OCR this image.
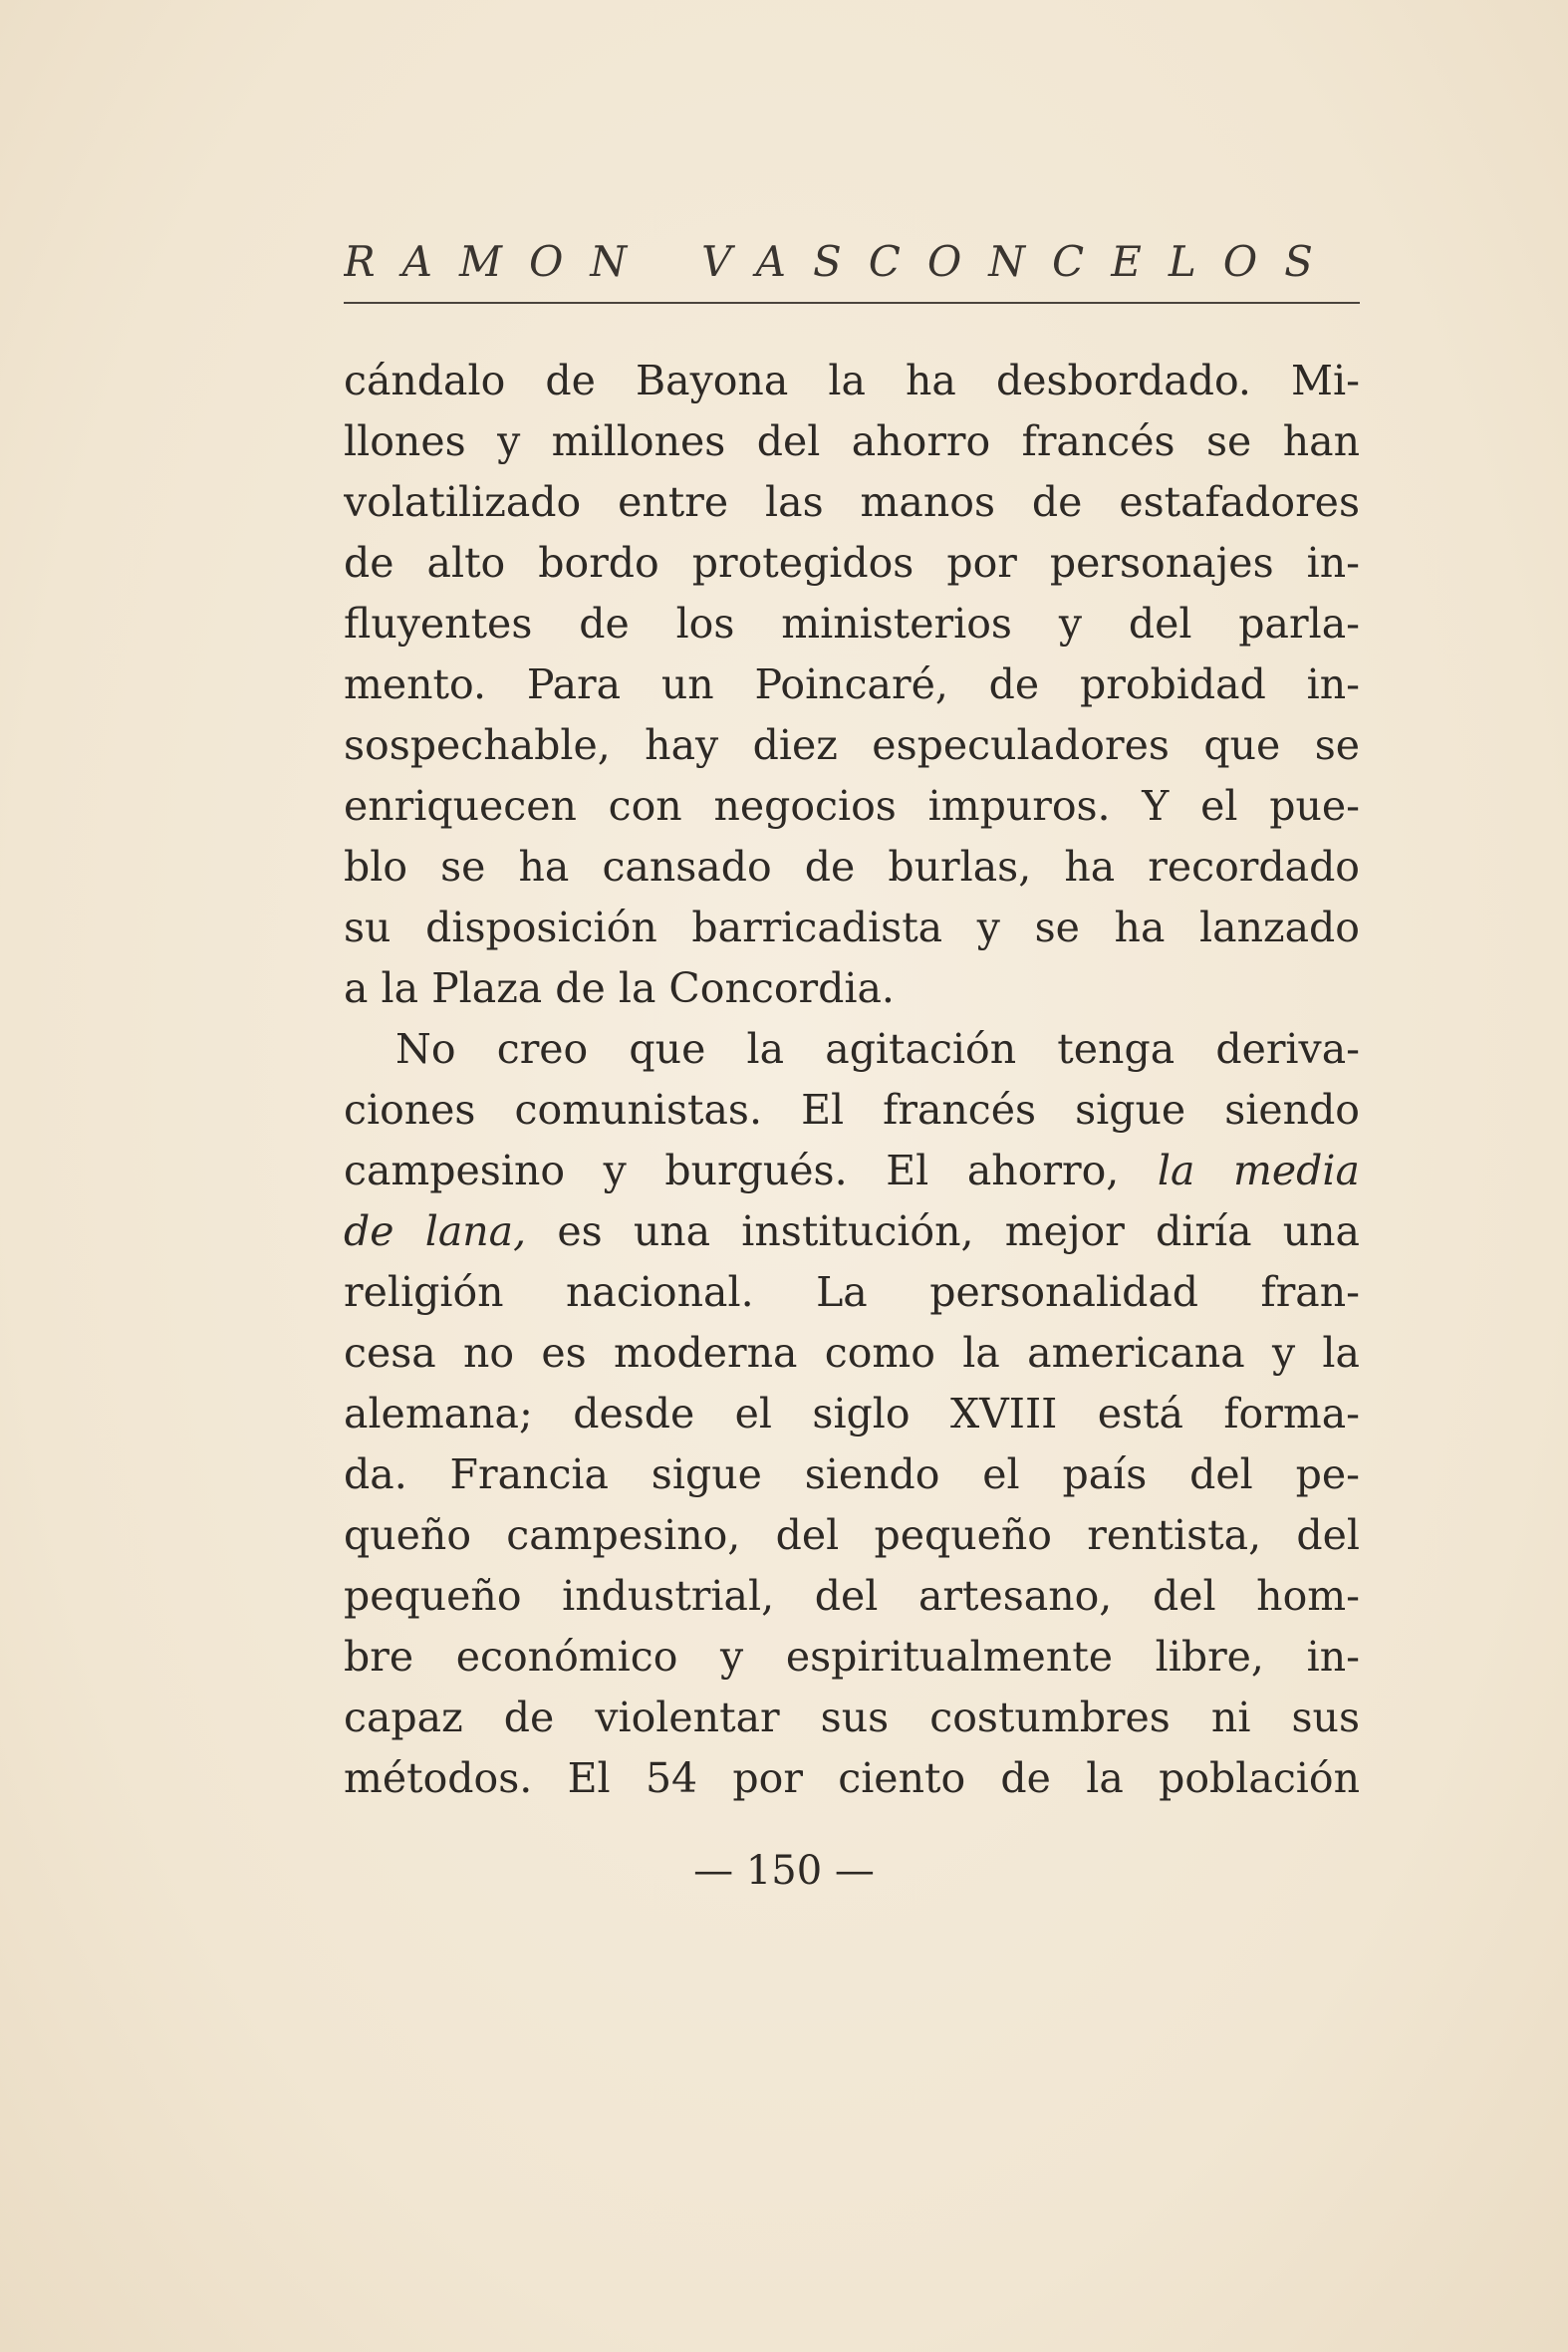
RAMON VASCONCELOS
cándalo de Bayona la ha desbordado. Mi-
llones y millones del ahorro francés se han
volatilizado entre las manos de estafadores
de alto bordo protegidos por personajes in-
fluyentes de los ministerios y del parla-
mento. Para un Poincaré, de probidad in-
sospechable, hay diez especuladores que se
enriquecen con negocios impuros. Y el pue-
blo se ha cansado de burlas, ha recordado
su disposición barricadista y se ha lanzado
a la Plaza de la Concordia.
No creo que la agitación tenga deriva-
ciones comunistas. El francés sigue siendo
campesino y burgués. El ahorro, la media
de lana, es una institución, mejor diría una
religión nacional. La personalidad fran-
cesa no es moderna como la americana y la
alemana; desde el siglo XVIII está forma-
da. Francia sigue siendo el país del pe-
queño campesino, del pequeño rentista, del
pequeño industrial, del artesano, del hom-
bre económico y espiritualmente libre, in-
capaz de violentar sus costumbres ni sus
métodos. El 54 por ciento de la población
— 150 —
